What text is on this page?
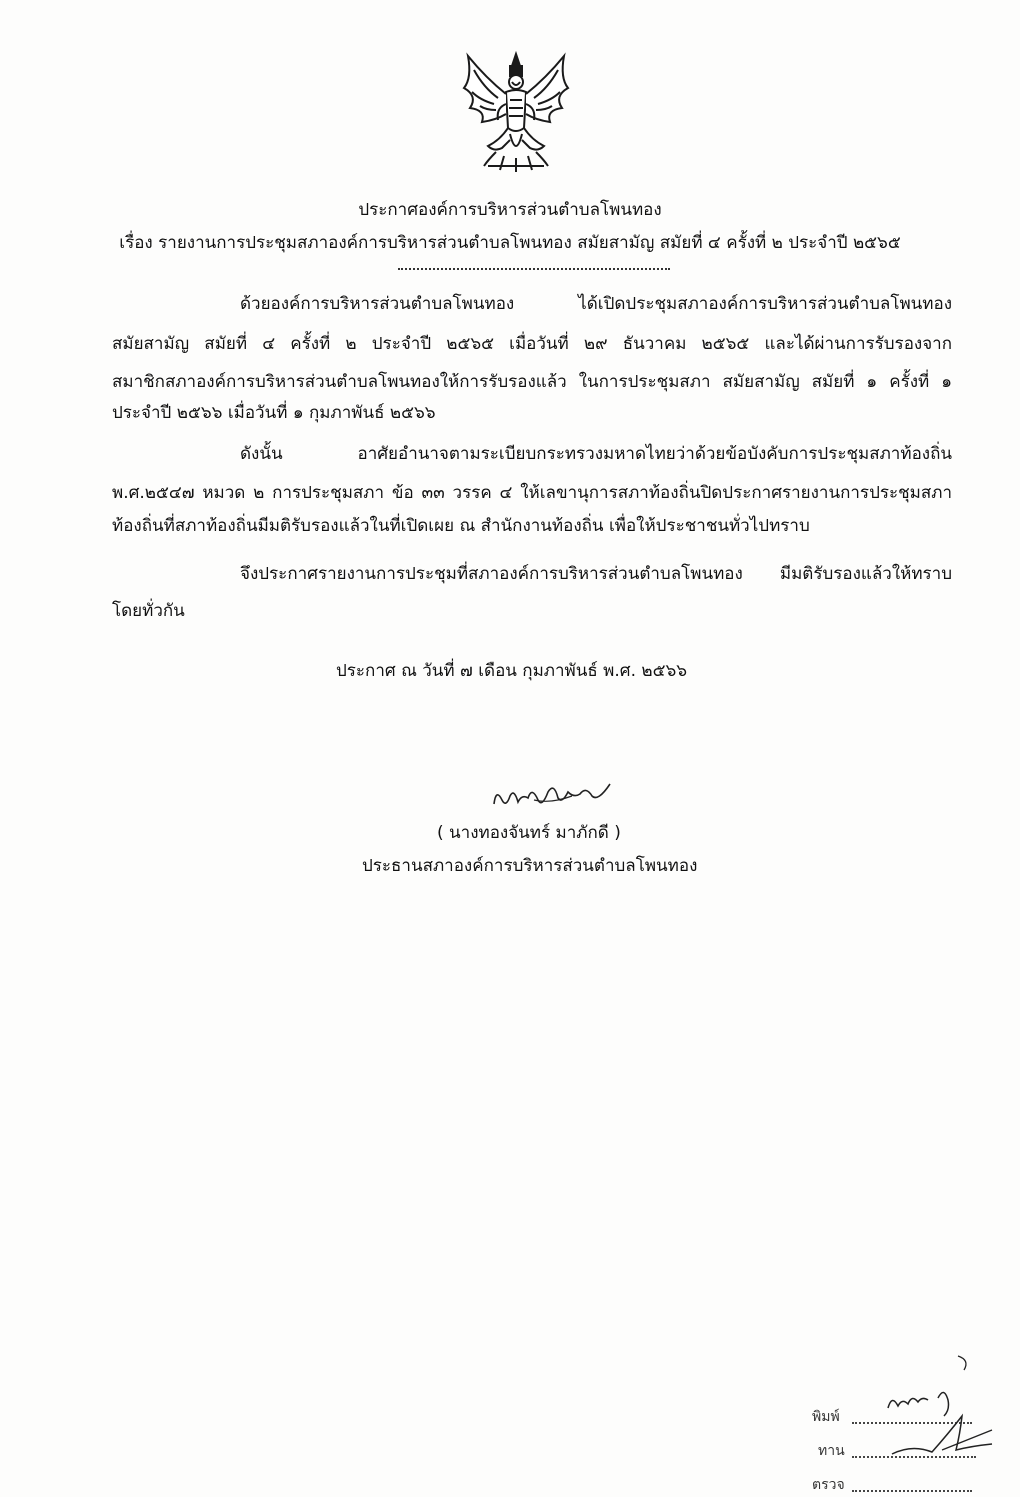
ประกาศองค์การบริหารส่วนตำบลโพนทอง
เรื่อง รายงานการประชุมสภาองค์การบริหารส่วนตำบลโพนทอง สมัยสามัญ สมัยที่ ๔ ครั้งที่ ๒ ประจำปี ๒๕๖๕
ด้วยองค์การบริหารส่วนตำบลโพนทอง ได้เปิดประชุมสภาองค์การบริหารส่วนตำบลโพนทอง
สมัยสามัญ สมัยที่ ๔ ครั้งที่ ๒ ประจำปี ๒๕๖๕ เมื่อวันที่ ๒๙ ธันวาคม ๒๕๖๕ และได้ผ่านการรับรองจาก
สมาชิกสภาองค์การบริหารส่วนตำบลโพนทองให้การรับรองแล้ว ในการประชุมสภา สมัยสามัญ สมัยที่ ๑ ครั้งที่ ๑
ประจำปี ๒๕๖๖ เมื่อวันที่ ๑ กุมภาพันธ์ ๒๕๖๖
ดังนั้น อาศัยอำนาจตามระเบียบกระทรวงมหาดไทยว่าด้วยข้อบังคับการประชุมสภาท้องถิ่น
พ.ศ.๒๕๔๗ หมวด ๒ การประชุมสภา ข้อ ๓๓ วรรค ๔ ให้เลขานุการสภาท้องถิ่นปิดประกาศรายงานการประชุมสภา
ท้องถิ่นที่สภาท้องถิ่นมีมติรับรองแล้วในที่เปิดเผย ณ สำนักงานท้องถิ่น เพื่อให้ประชาชนทั่วไปทราบ
จึงประกาศรายงานการประชุมที่สภาองค์การบริหารส่วนตำบลโพนทอง มีมติรับรองแล้วให้ทราบ
โดยทั่วกัน
ประกาศ ณ วันที่ ๗ เดือน กุมภาพันธ์ พ.ศ. ๒๕๖๖
( นางทองจันทร์ มาภักดี )
ประธานสภาองค์การบริหารส่วนตำบลโพนทอง
พิมพ์
ทาน
ตรวจ
